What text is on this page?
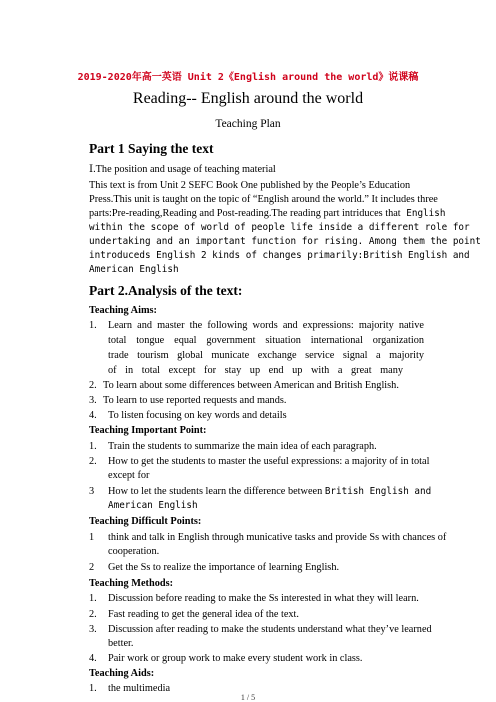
2019-2020年高一英语 Unit 2《English around the world》说课稿
Reading-- English around the world
Teaching Plan
Part 1 Saying the text
Ⅰ.The position and usage of teaching material
This text is from Unit 2 SEFC Book One published by the People’s Education
Press.This unit is taught on the topic of “English around the world.” It includes three
parts:Pre-reading,Reading and Post-reading.The reading part intriduces that English
within the scope of world of people life inside a different role for
undertaking and an important function for rising. Among them the point
introduceds English 2 kinds of changes primarily:British English and
American English
Part 2.Analysis of the text:
Teaching Aims:
1. Learn and master the following words and expressions: majority native
total tongue equal government situation international organization
trade tourism global municate exchange service signal a majority
of in total except for stay up end up with a great many
2. To learn about some differences between American and British English.
3. To learn to use reported requests and mands.
4. To listen focusing on key words and details
Teaching Important Point:
1. Train the students to summarize the main idea of each paragraph.
2. How to get the students to master the useful expressions: a majority of in total
except for
3 How to let the students learn the difference between British English and
American English
Teaching Difficult Points:
1 think and talk in English through municative tasks and provide Ss with chances of
cooperation.
2 Get the Ss to realize the importance of learning English.
Teaching Methods:
1. Discussion before reading to make the Ss interested in what they will learn.
2. Fast reading to get the general idea of the text.
3. Discussion after reading to make the students understand what they’ve learned
better.
4. Pair work or group work to make every student work in class.
Teaching Aids:
1. the multimedia
1 / 5
